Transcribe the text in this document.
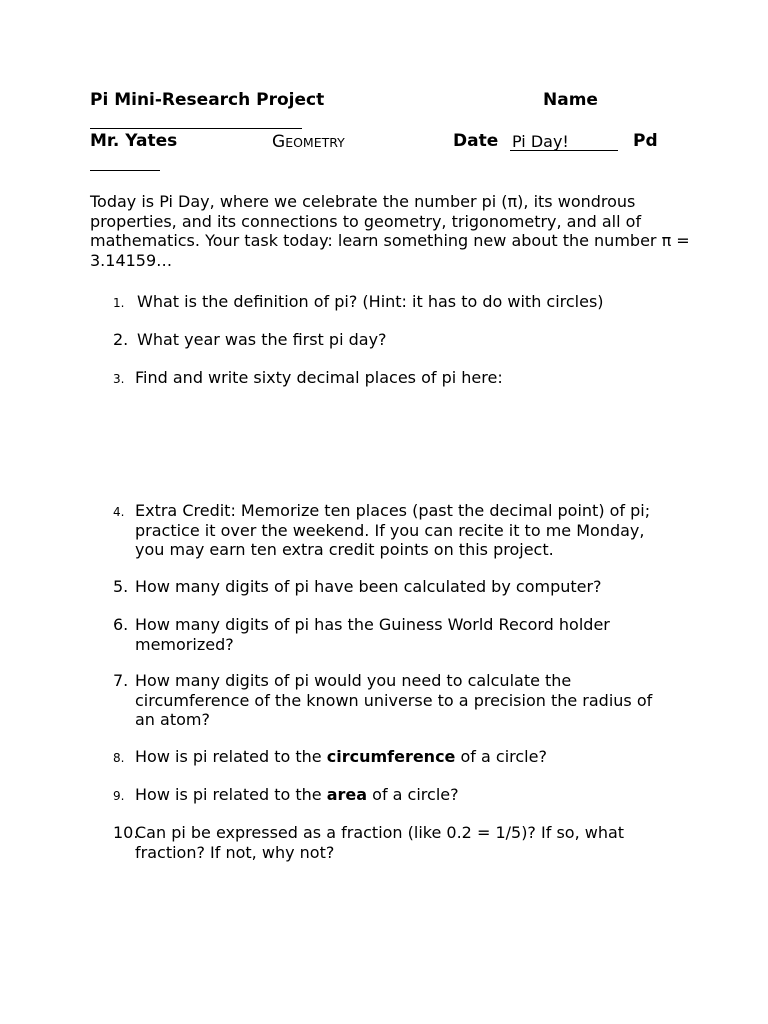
Pi Mini-Research Project	Name
Mr. Yates	GEOMETRY	Date Pi Day!	Pd
Today is Pi Day, where we celebrate the number pi (π), its wondrous properties, and its connections to geometry, trigonometry, and all of mathematics. Your task today: learn something new about the number π = 3.14159…
1. What is the definition of pi? (Hint: it has to do with circles)
2. What year was the first pi day?
3. Find and write sixty decimal places of pi here:
4. Extra Credit: Memorize ten places (past the decimal point) of pi; practice it over the weekend. If you can recite it to me Monday, you may earn ten extra credit points on this project.
5. How many digits of pi have been calculated by computer?
6. How many digits of pi has the Guiness World Record holder memorized?
7. How many digits of pi would you need to calculate the circumference of the known universe to a precision the radius of an atom?
8. How is pi related to the circumference of a circle?
9. How is pi related to the area of a circle?
10.
Can pi be expressed as a fraction (like 0.2 = 1/5)? If so, what fraction? If not, why not?
